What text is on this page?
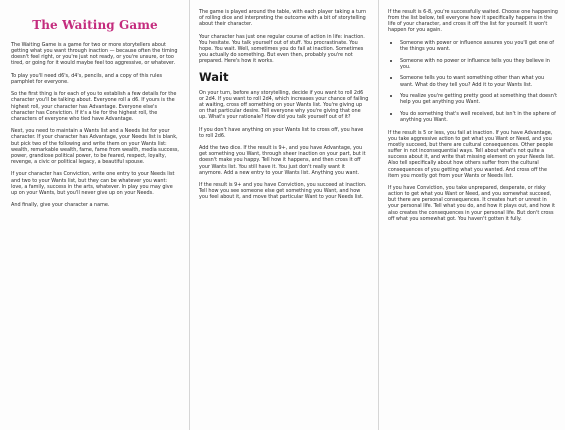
The Waiting Game

The Waiting Game is a game for two or more storytellers about getting what you want through inaction — because often the timing doesn't feel right, or you're just not ready, or you're unsure, or too tired, or going for it would maybe feel too aggressive, or whatever.

To play you'll need d6's, d4's, pencils, and a copy of this rules pamphlet for everyone.

So the first thing is for each of you to establish a few details for the character you'll be talking about. Everyone roll a d6. If yours is the highest roll, your character has Advantage. Everyone else's character has Conviction. If it's a tie for the highest roll, the characters of everyone who tied have Advantage.

Next, you need to maintain a Wants list and a Needs list for your character. If your character has Advantage, your Needs list is blank, but pick two of the following and write them on your Wants list: wealth, remarkable wealth, fame, fame from wealth, media success, power, grandiose political power, to be feared, respect, loyalty, revenge, a civic or political legacy, a beautiful spouse.

If your character has Conviction, write one entry to your Needs list and two to your Wants list, but they can be whatever you want: love, a family, success in the arts, whatever. In play you may give up on your Wants, but you'll never give up on your Needs.

And finally, give your character a name.

The game is played around the table, with each player taking a turn of rolling dice and interpreting the outcome with a bit of storytelling about their character.

Your character has just one regular course of action in life: inaction. You hesitate. You talk yourself out of stuff. You procrastinate. You hope. You wait. Well, sometimes you do fail at inaction. Sometimes you actually do something. But even then, probably you're not prepared. Here's how it works.

Wait

On your turn, before any storytelling, decide if you want to roll 2d6 or 2d4. If you want to roll 2d4, which increases your chance of failing at waiting, cross off something on your Wants list. You're giving up on that particular desire. Tell everyone why you're giving that one up. What's your rationale? How did you talk yourself out of it?

If you don't have anything on your Wants list to cross off, you have to roll 2d6.

Add the two dice. If the result is 9+, and you have Advantage, you get something you Want, through sheer inaction on your part, but it doesn't make you happy. Tell how it happens, and then cross it off your Wants list. You still have it. You just don't really want it anymore. Add a new entry to your Wants list. Anything you want.

If the result is 9+ and you have Conviction, you succeed at inaction. Tell how you see someone else get something you Want, and how you feel about it, and move that particular Want to your Needs list.

If the result is 6-8, you're successfully waited. Choose one happening from the list below, tell everyone how it specifically happens in the life of your character, and cross it off the list for yourself. It won't happen for you again.

• Someone with power or influence assures you you'll get one of the things you want.
• Someone with no power or influence tells you they believe in you.
• Someone tells you to want something other than what you want. What do they tell you? Add it to your Wants list.
• You realize you're getting pretty good at something that doesn't help you get anything you Want.
• You do something that's well received, but isn't in the sphere of anything you Want.

If the result is 5 or less, you fail at inaction. If you have Advantage, you take aggressive action to get what you Want or Need, and you mostly succeed, but there are cultural consequences. Other people suffer in not inconsequential ways. Tell about what's not quite a success about it, and write that missing element on your Needs list. Also tell specifically about how others suffer from the cultural consequences of you getting what you wanted. And cross off the item you mostly got from your Wants or Needs list.

If you have Conviction, you take unprepared, desperate, or risky action to get what you Want or Need, and you somewhat succeed, but there are personal consequences. It creates hurt or unrest in your personal life. Tell what you do, and how it plays out, and how it also creates the consequences in your personal life. But don't cross off what you somewhat got. You haven't gotten it fully.
